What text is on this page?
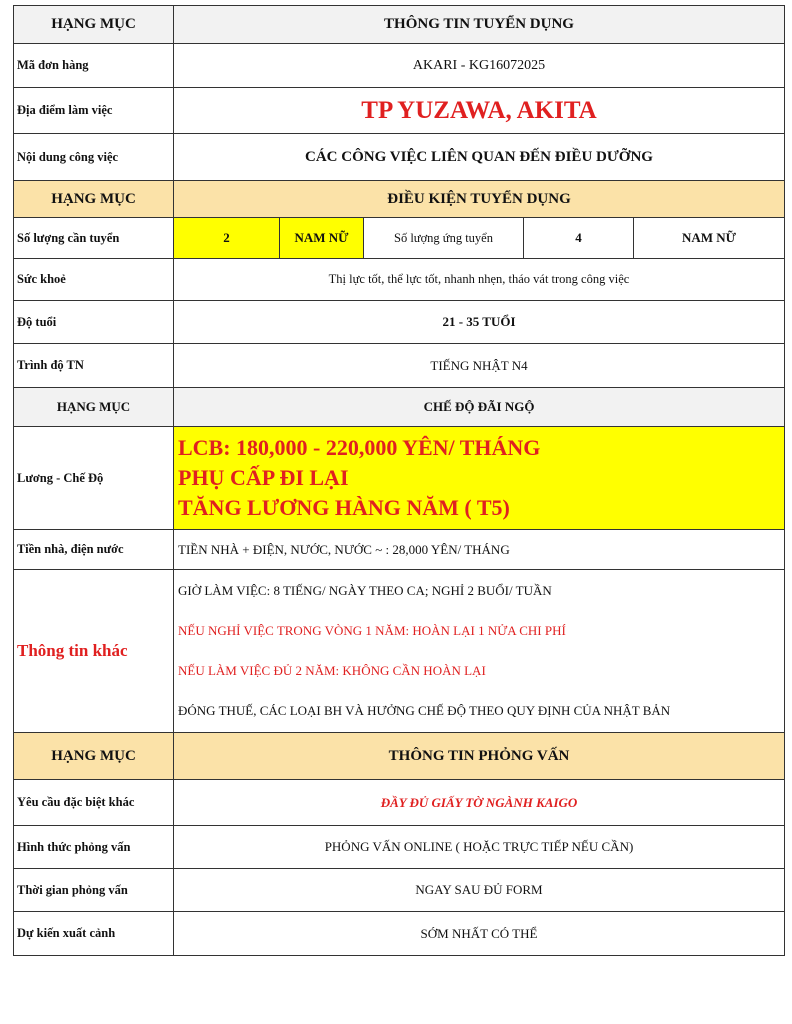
HẠNG MỤC	THÔNG TIN TUYỂN DỤNG				
Mã đơn hàng	AKARI - KG16072025				
Địa điểm làm việc	TP YUZAWA, AKITA				
Nội dung công việc	CÁC CÔNG VIỆC LIÊN QUAN ĐẾN ĐIỀU DƯỠNG				
HẠNG MỤC	ĐIỀU KIỆN TUYỂN DỤNG				
Số lượng cần tuyển	2	NAM NỮ	Số lượng ứng tuyển	4	NAM NỮ
Sức khoẻ	Thị lực tốt, thể lực tốt, nhanh nhẹn, tháo vát trong công việc				
Độ tuổi	21 - 35 TUỔI				
Trình độ TN	TIẾNG NHẬT N4				
HẠNG MỤC	CHẾ ĐỘ ĐÃI NGỘ				
Lương - Chế Độ	LCB: 180,000 - 220,000 YÊN/ THÁNG
PHỤ CẤP ĐI LẠI
TĂNG LƯƠNG HÀNG NĂM ( T5)				

Tiền nhà, điện nước	TIỀN NHÀ + ĐIỆN, NƯỚC, NƯỚC ~ : 28,000 YÊN/ THÁNG				
Thông tin khác	GIỜ LÀM VIỆC: 8 TIẾNG/ NGÀY THEO CA; NGHỈ 2 BUỔI/ TUẦN
NẾU NGHỈ VIỆC TRONG VÒNG 1 NĂM: HOÀN LẠI 1 NỬA CHI PHÍ
NẾU LÀM VIỆC ĐỦ 2 NĂM: KHÔNG CẦN HOÀN LẠI
ĐÓNG THUẾ, CÁC LOẠI BH VÀ HƯỞNG CHẾ ĐỘ THEO QUY ĐỊNH CỦA NHẬT BẢN				

HẠNG MỤC	THÔNG TIN PHỎNG VẤN				
Yêu cầu đặc biệt khác	ĐẦY ĐỦ GIẤY TỜ NGÀNH KAIGO				
Hình thức phỏng vấn	PHỎNG VẤN ONLINE ( HOẶC TRỰC TIẾP NẾU CẦN)				
Thời gian phỏng vấn	NGAY SAU ĐỦ FORM				
Dự kiến xuất cảnh	SỚM NHẤT CÓ THỂ				
